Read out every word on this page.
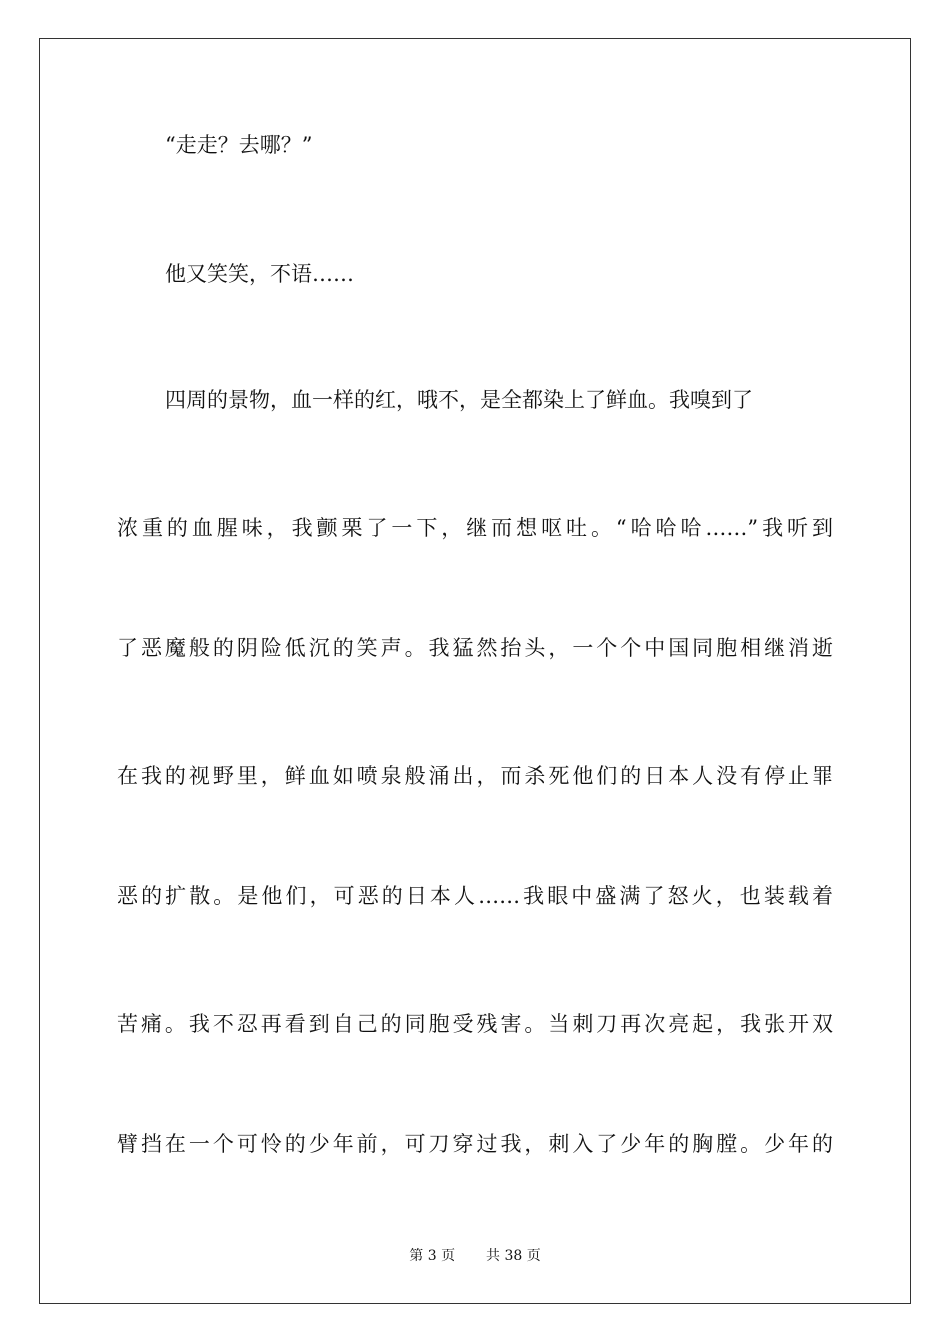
“走走？去哪？”
他又笑笑，不语……
四周的景物，血一样的红，哦不，是全都染上了鲜血。我嗅到了
浓重的血腥味，我颤栗了一下，继而想呕吐。“哈哈哈……”我听到
了恶魔般的阴险低沉的笑声。我猛然抬头，一个个中国同胞相继消逝
在我的视野里，鲜血如喷泉般涌出，而杀死他们的日本人没有停止罪
恶的扩散。是他们，可恶的日本人……我眼中盛满了怒火，也装载着
苦痛。我不忍再看到自己的同胞受残害。当刺刀再次亮起，我张开双
臂挡在一个可怜的少年前，可刀穿过我，刺入了少年的胸膛。少年的
第 3 页 共 38 页
